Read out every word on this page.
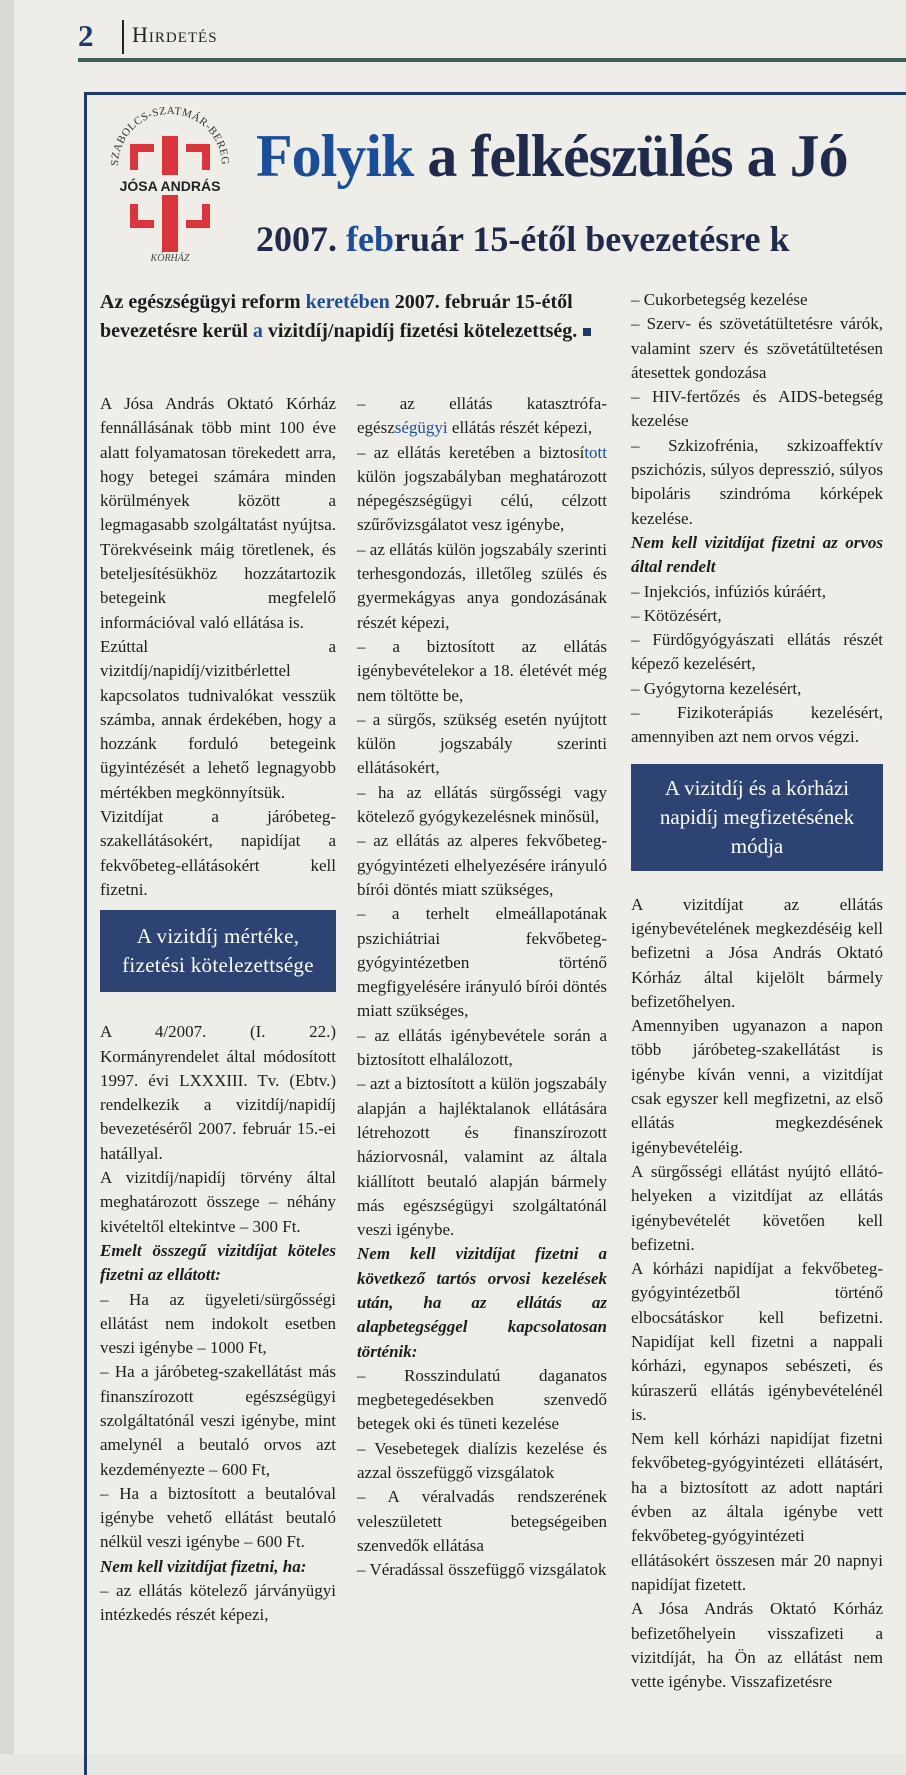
2 Hirdetés
SZABOLCS-SZATMÁR-BEREG
JÓSA ANDRÁS
KÓRHÁZ
Folyik a felkészülés a Jó
2007. február 15-étől bevezetésre k
Az egészségügyi reform keretében 2007. február 15-étől bevezetésre kerül a vizitdíj/napidíj fizetési kötelezettség.

A Jósa András Oktató Kórház fennállásának több mint 100 éve alatt folyamatosan törekedett arra, hogy betegei számára minden körülmények között a legmagasabb szolgáltatást nyújtsa. Törekvéseink máig töretlenek, és beteljesítésükhöz hozzátartozik betegeink megfelelő információval való ellátása is.

Ezúttal a vizitdíj/napidíj/vizitbérlettel kapcsolatos tudnivalókat vesszük számba, annak érdekében, hogy a hozzánk forduló betegeink ügyintézését a lehető legnagyobb mértékben megkönnyítsük.

Vizitdíjat a járóbeteg-szakellátásokért, napidíjat a fekvőbeteg-ellátásokért kell fizetni.

A vizitdíj mértéke, fizetési kötelezettsége

A 4/2007. (I. 22.) Kormányrendelet által módosított 1997. évi LXXXIII. Tv. (Ebtv.) rendelkezik a vizitdíj/napidíj bevezetéséről 2007. február 15.-ei hatállyal.

A vizitdíj/napidíj törvény által meghatározott összege – néhány kivételtől eltekintve – 300 Ft.

Emelt összegű vizitdíjat köteles fizetni az ellátott:

– Ha az ügyeleti/sürgősségi ellátást nem indokolt esetben veszi igénybe – 1000 Ft,

– Ha a járóbeteg-szakellátást más finanszírozott egészségügyi szolgáltatónál veszi igénybe, mint amelynél a beutaló orvos azt kezdeményezte – 600 Ft,

– Ha a biztosított a beutalóval igénybe vehető ellátást beutaló nélkül veszi igénybe – 600 Ft.

Nem kell vizitdíjat fizetni, ha:

– az ellátás kötelező járványügyi intézkedés részét képezi,

– az ellátás katasztrófa-egészségügyi ellátás részét képezi,

– az ellátás keretében a biztosított külön jogszabályban meghatározott népegészségügyi célú, célzott szűrővizsgálatot vesz igénybe,

– az ellátás külön jogszabály szerinti terhesgondozás, illetőleg szülés és gyermekágyas anya gondozásának részét képezi,

– a biztosított az ellátás igénybevételekor a 18. életévét még nem töltötte be,

– a sürgős, szükség esetén nyújtott külön jogszabály szerinti ellátásokért,

– ha az ellátás sürgősségi vagy kötelező gyógykezelésnek minősül,

– az ellátás az alperes fekvőbeteg-gyógyintézeti elhelyezésére irányuló bírói döntés miatt szükséges,

– a terhelt elmeállapotának pszichiátriai fekvőbeteg-gyógyintézetben történő megfigyelésére irányuló bírói döntés miatt szükséges,

– az ellátás igénybevétele során a biztosított elhalálozott,

– azt a biztosított a külön jogszabály alapján a hajléktalanok ellátására létrehozott és finanszírozott háziorvosnál, valamint az általa kiállított beutaló alapján bármely más egészségügyi szolgáltatónál veszi igénybe.

Nem kell vizitdíjat fizetni a következő tartós orvosi kezelések után, ha az ellátás az alapbetegséggel kapcsolatosan történik:

– Rosszindulatú daganatos megbetegedésekben szenvedő betegek oki és tüneti kezelése

– Vesebetegek dialízis kezelése és azzal összefüggő vizsgálatok

– A véralvadás rendszerének veleszületett betegségeiben szenvedők ellátása

– Véradással összefüggő vizsgálatok

– Cukorbetegség kezelése

– Szerv- és szövetátültetésre várók, valamint szerv és szövetátültetésen átesettek gondozása

– HIV-fertőzés és AIDS-betegség kezelése

– Szkizofrénia, szkizoaffektív pszichózis, súlyos depresszió, súlyos bipoláris szindróma kórképek kezelése.

Nem kell vizitdíjat fizetni az orvos által rendelt

– Injekciós, infúziós kúráért,

– Kötözésért,

– Fürdőgyógyászati ellátás részét képező kezelésért,

– Gyógytorna kezelésért,

– Fizikoterápiás kezelésért, amennyiben azt nem orvos végzi.

A vizitdíj és a kórházi napidíj megfizetésének módja

A vizitdíjat az ellátás igénybevételének megkezdéséig kell befizetni a Jósa András Oktató Kórház által kijelölt bármely befizetőhelyen.

Amennyiben ugyanazon a napon több járóbeteg-szakellátást is igénybe kíván venni, a vizitdíjat csak egyszer kell megfizetni, az első ellátás megkezdésének igénybevételéig.

A sürgősségi ellátást nyújtó ellátó-helyeken a vizitdíjat az ellátás igénybevételét követően kell befizetni.

A kórházi napidíjat a fekvőbeteg-gyógyintézetből történő elbocsátáskor kell befizetni. Napidíjat kell fizetni a nappali kórházi, egynapos sebészeti, és kúraszerű ellátás igénybevételénél is.

Nem kell kórházi napidíjat fizetni fekvőbeteg-gyógyintézeti ellátásért, ha a biztosított az adott naptári évben az általa igénybe vett fekvőbeteg-gyógyintézeti ellátásokért összesen már 20 napnyi napidíjat fizetett.

A Jósa András Oktató Kórház befizetőhelyein visszafizeti a vizitdíját, ha Ön az ellátást nem vette igénybe. Visszafizetésre
